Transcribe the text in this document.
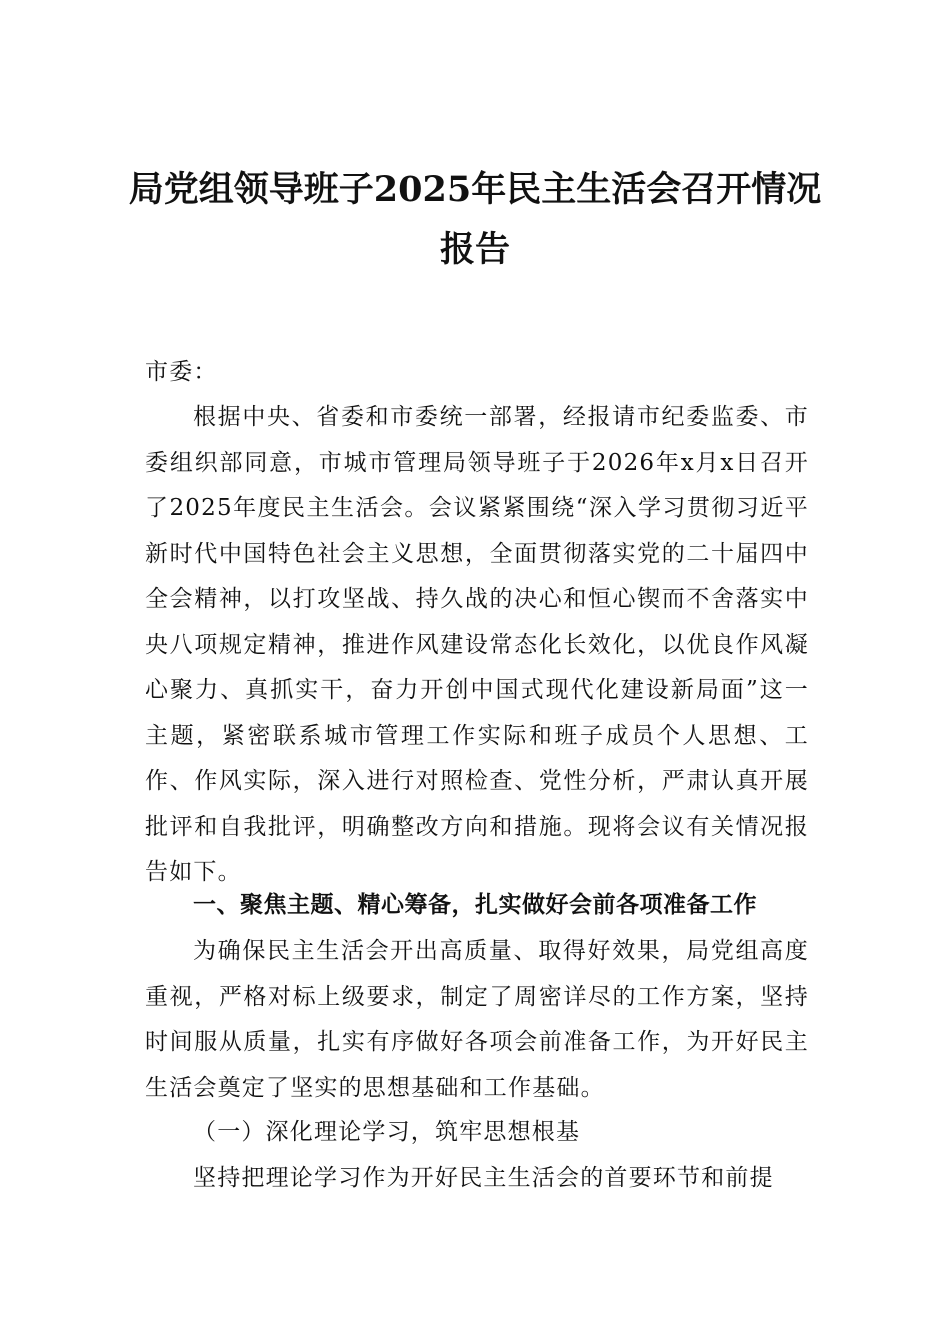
局党组领导班子2025年民主生活会召开情况报告
市委：
根据中央、省委和市委统一部署，经报请市纪委监委、市委组织部同意，市城市管理局领导班子于2026年x月x日召开了2025年度民主生活会。会议紧紧围绕“深入学习贯彻习近平新时代中国特色社会主义思想，全面贯彻落实党的二十届四中全会精神，以打攻坚战、持久战的决心和恒心锲而不舍落实中央八项规定精神，推进作风建设常态化长效化，以优良作风凝心聚力、真抓实干，奋力开创中国式现代化建设新局面”这一主题，紧密联系城市管理工作实际和班子成员个人思想、工作、作风实际，深入进行对照检查、党性分析，严肃认真开展批评和自我批评，明确整改方向和措施。现将会议有关情况报告如下。
一、聚焦主题、精心筹备，扎实做好会前各项准备工作
为确保民主生活会开出高质量、取得好效果，局党组高度重视，严格对标上级要求，制定了周密详尽的工作方案，坚持时间服从质量，扎实有序做好各项会前准备工作，为开好民主生活会奠定了坚实的思想基础和工作基础。
（一）深化理论学习，筑牢思想根基
坚持把理论学习作为开好民主生活会的首要环节和前提
